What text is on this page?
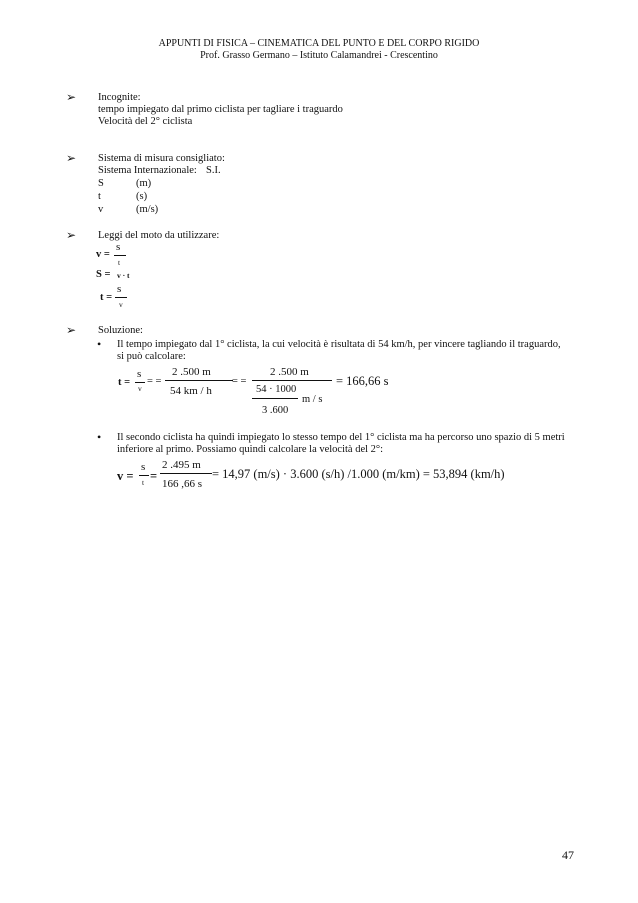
APPUNTI DI FISICA – CINEMATICA DEL PUNTO E DEL CORPO RIGIDO
Prof. Grasso Germano – Istituto Calamandrei - Crescentino
➢ Incognite:
tempo impiegato dal primo ciclista per tagliare i traguardo
Velocità del 2° ciclista
➢ Sistema di misura consigliato:
Sistema Internazionale: S.I.
S	(m)
t	(s)
v	(m/s)
➢ Leggi del moto da utilizzare:
v =
s
t
S = v · t
t =
s
v
➢ Soluzione:
• Il tempo impiegato dal 1° ciclista, la cui velocità è risultata di 54 km/h, per vincere tagliando il traguardo,
si può calcolare:
t =
s
v
= =
2 .500 m
54 km / h
= =
2 .500 m
54 · 1000
3 .600
m / s
= 166,66 s
• Il secondo ciclista ha quindi impiegato lo stesso tempo del 1° ciclista ma ha percorso uno spazio di 5 metri
inferiore al primo. Possiamo quindi calcolare la velocità del 2°:
v =
s
t =
2 .495 m
166 ,66 s
= 14,97 (m/s) · 3.600 (s/h) /1.000 (m/km) = 53,894 (km/h)
47
